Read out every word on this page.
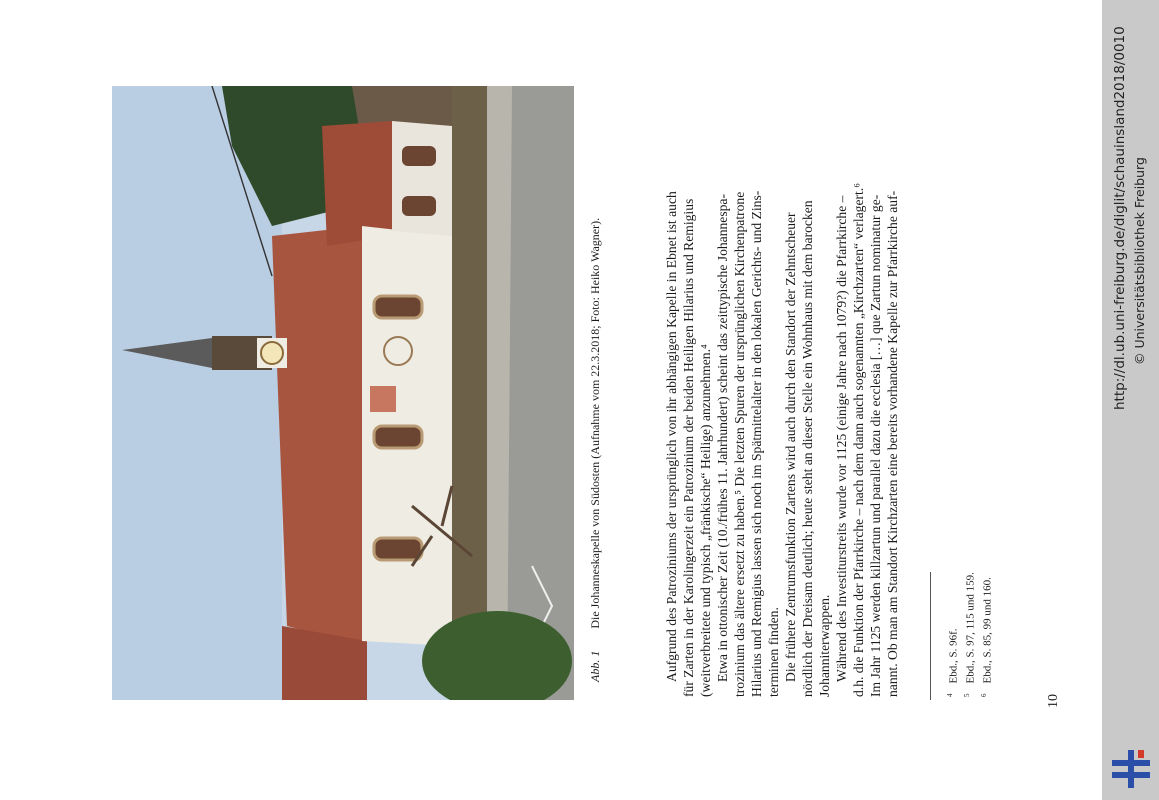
Abb. 1Die Johanneskapelle von Südosten (Aufnahme vom 22.3.2018; Foto: Heiko Wagner).	Aufgrund des Patroziniums der ursprünglich von ihr abhängigen Kapelle in Ebnet ist auch für Zarten in der Karolingerzeit ein Patrozinium der beiden Heiligen Hilarius und Remigius (weitverbreitete und typisch „fränkische“ Heilige) anzunehmen.⁴ Etwa in ottonischer Zeit (10./frühes 11. Jahrhundert) scheint das zeittypische Johannespa- trozinium das ältere ersetzt zu haben.⁵ Die letzten Spuren der ursprünglichen Kirchenpatrone Hilarius und Remigius lassen sich noch im Spätmittelalter in den lokalen Gerichts- und Zins- terminen finden. Die frühere Zentrumsfunktion Zartens wird auch durch den Standort der Zehntscheuer nördlich der Dreisam deutlich; heute steht an dieser Stelle ein Wohnhaus mit dem barocken Johanniterwappen. Während des Investiturstreits wurde vor 1125 (einige Jahre nach 1079?) die Pfarrkirche – d.h. die Funktion der Pfarrkirche – nach dem dann auch sogenannten „Kirchzarten“ verlagert.⁶ Im Jahr 1125 werden killzartun und parallel dazu die ecclesia […] que Zartun nominatur ge- nannt. Ob man am Standort Kirchzarten eine bereits vorhandene Kapelle zur Pfarrkirche auf-	$^4$Ebd., S. 96f.
$^5$Ebd., S. 97, 115 und 159.
$^6$Ebd., S. 85, 99 und 160.
10
http://dl.ub.uni-freiburg.de/diglit/schauinsland2018/0010 © Universitätsbibliothek Freiburg
